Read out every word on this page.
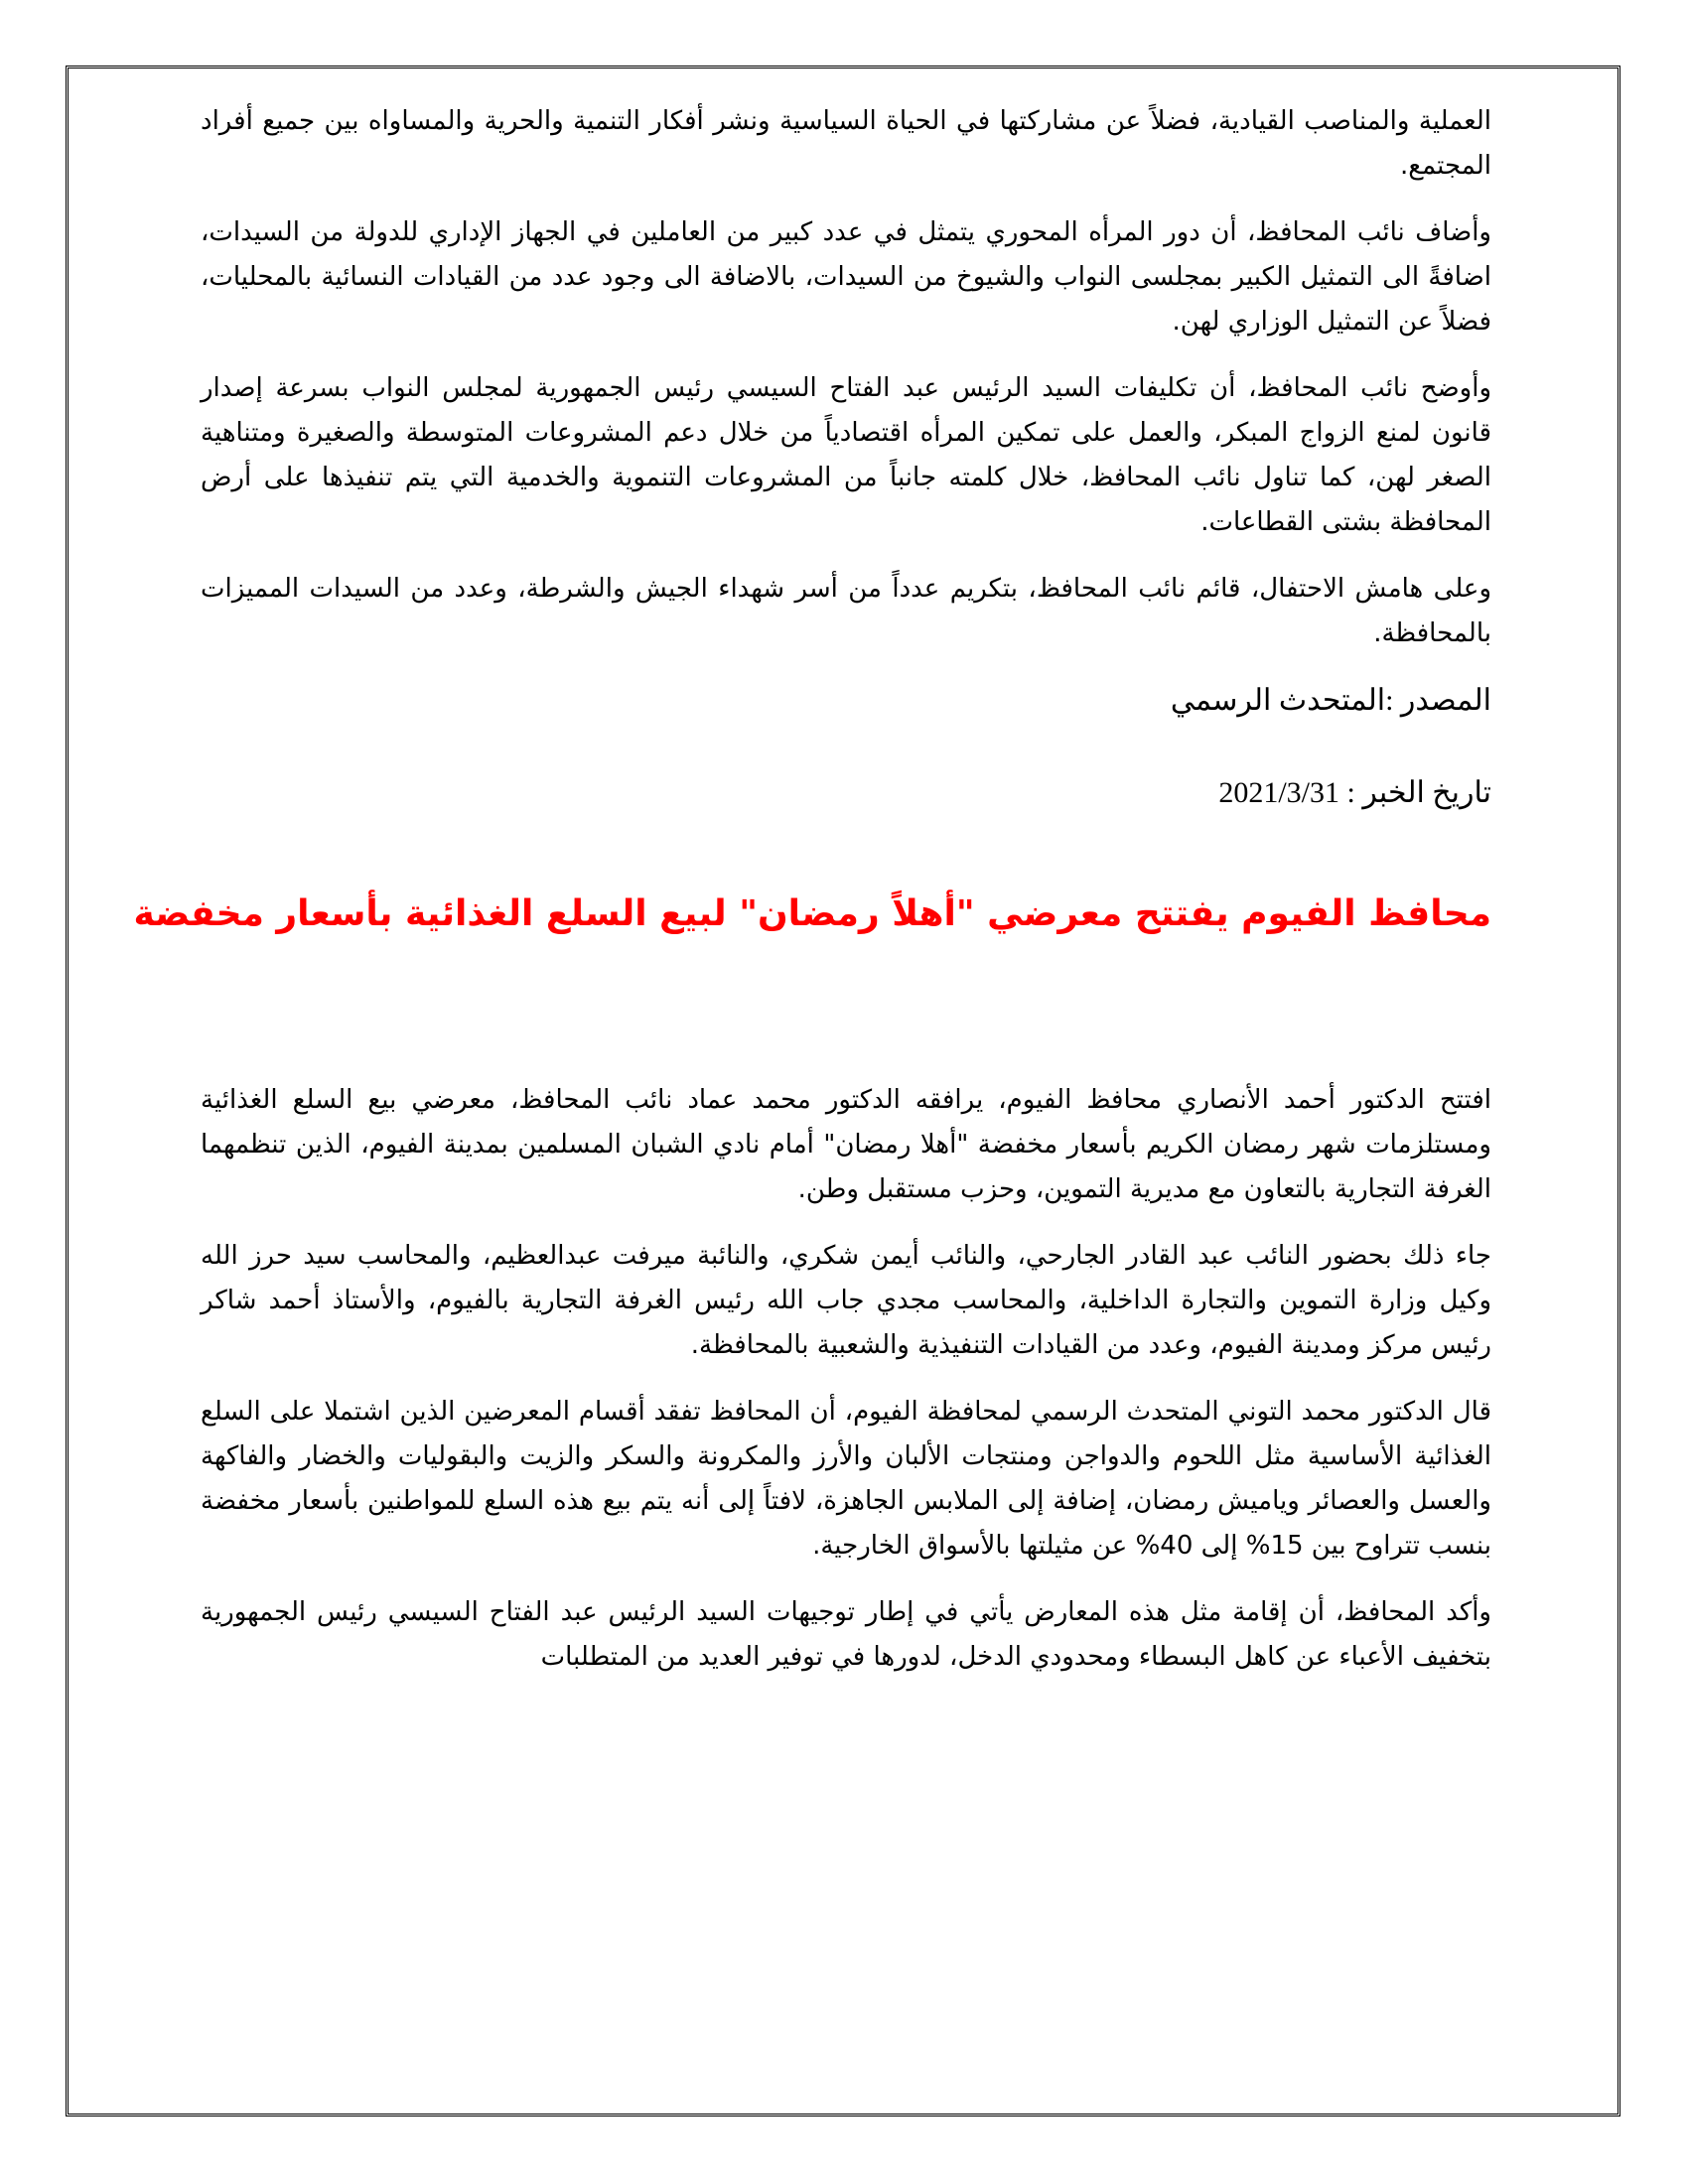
العملية والمناصب القيادية، فضلاً عن مشاركتها في الحياة السياسية ونشر أفكار التنمية والحرية والمساواه بين جميع أفراد المجتمع.

وأضاف نائب المحافظ، أن دور المرأه المحوري يتمثل في عدد كبير من العاملين في الجهاز الإداري للدولة من السيدات، اضافةً الى التمثيل الكبير بمجلسى النواب والشيوخ من السيدات، بالاضافة الى وجود عدد من القيادات النسائية بالمحليات، فضلاً عن التمثيل الوزاري لهن.

وأوضح نائب المحافظ، أن تكليفات السيد الرئيس عبد الفتاح السيسي رئيس الجمهورية لمجلس النواب بسرعة إصدار قانون لمنع الزواج المبكر، والعمل على تمكين المرأه اقتصادياً من خلال دعم المشروعات المتوسطة والصغيرة ومتناهية الصغر لهن، كما تناول نائب المحافظ، خلال كلمته جانباً من المشروعات التنموية والخدمية التي يتم تنفيذها على أرض المحافظة بشتى القطاعات.

وعلى هامش الاحتفال، قائم نائب المحافظ، بتكريم عدداً من أسر شهداء الجيش والشرطة، وعدد من السيدات المميزات بالمحافظة.

المصدر :المتحدث الرسمي

تاريخ الخبر : 2021/3/31

محافظ الفيوم يفتتح معرضي "أهلاً رمضان" لبيع السلع الغذائية بأسعار مخفضة

افتتح الدكتور أحمد الأنصاري محافظ الفيوم، يرافقه الدكتور محمد عماد نائب المحافظ، معرضي بيع السلع الغذائية ومستلزمات شهر رمضان الكريم بأسعار مخفضة "أهلا رمضان" أمام نادي الشبان المسلمين بمدينة الفيوم، الذين تنظمهما الغرفة التجارية بالتعاون مع مديرية التموين، وحزب مستقبل وطن.

جاء ذلك بحضور النائب عبد القادر الجارحي، والنائب أيمن شكري، والنائبة ميرفت عبدالعظيم، والمحاسب سيد حرز الله وكيل وزارة التموين والتجارة الداخلية، والمحاسب مجدي جاب الله رئيس الغرفة التجارية بالفيوم، والأستاذ أحمد شاكر رئيس مركز ومدينة الفيوم، وعدد من القيادات التنفيذية والشعبية بالمحافظة.

قال الدكتور محمد التوني المتحدث الرسمي لمحافظة الفيوم، أن المحافظ تفقد أقسام المعرضين الذين اشتملا على السلع الغذائية الأساسية مثل اللحوم والدواجن ومنتجات الألبان والأرز والمكرونة والسكر والزيت والبقوليات والخضار والفاكهة والعسل والعصائر وياميش رمضان، إضافة إلى الملابس الجاهزة، لافتاً إلى أنه يتم بيع هذه السلع للمواطنين بأسعار مخفضة بنسب تتراوح بين 15% إلى 40% عن مثيلتها بالأسواق الخارجية.

وأكد المحافظ، أن إقامة مثل هذه المعارض يأتي في إطار توجيهات السيد الرئيس عبد الفتاح السيسي رئيس الجمهورية بتخفيف الأعباء عن كاهل البسطاء ومحدودي الدخل، لدورها في توفير العديد من المتطلبات
